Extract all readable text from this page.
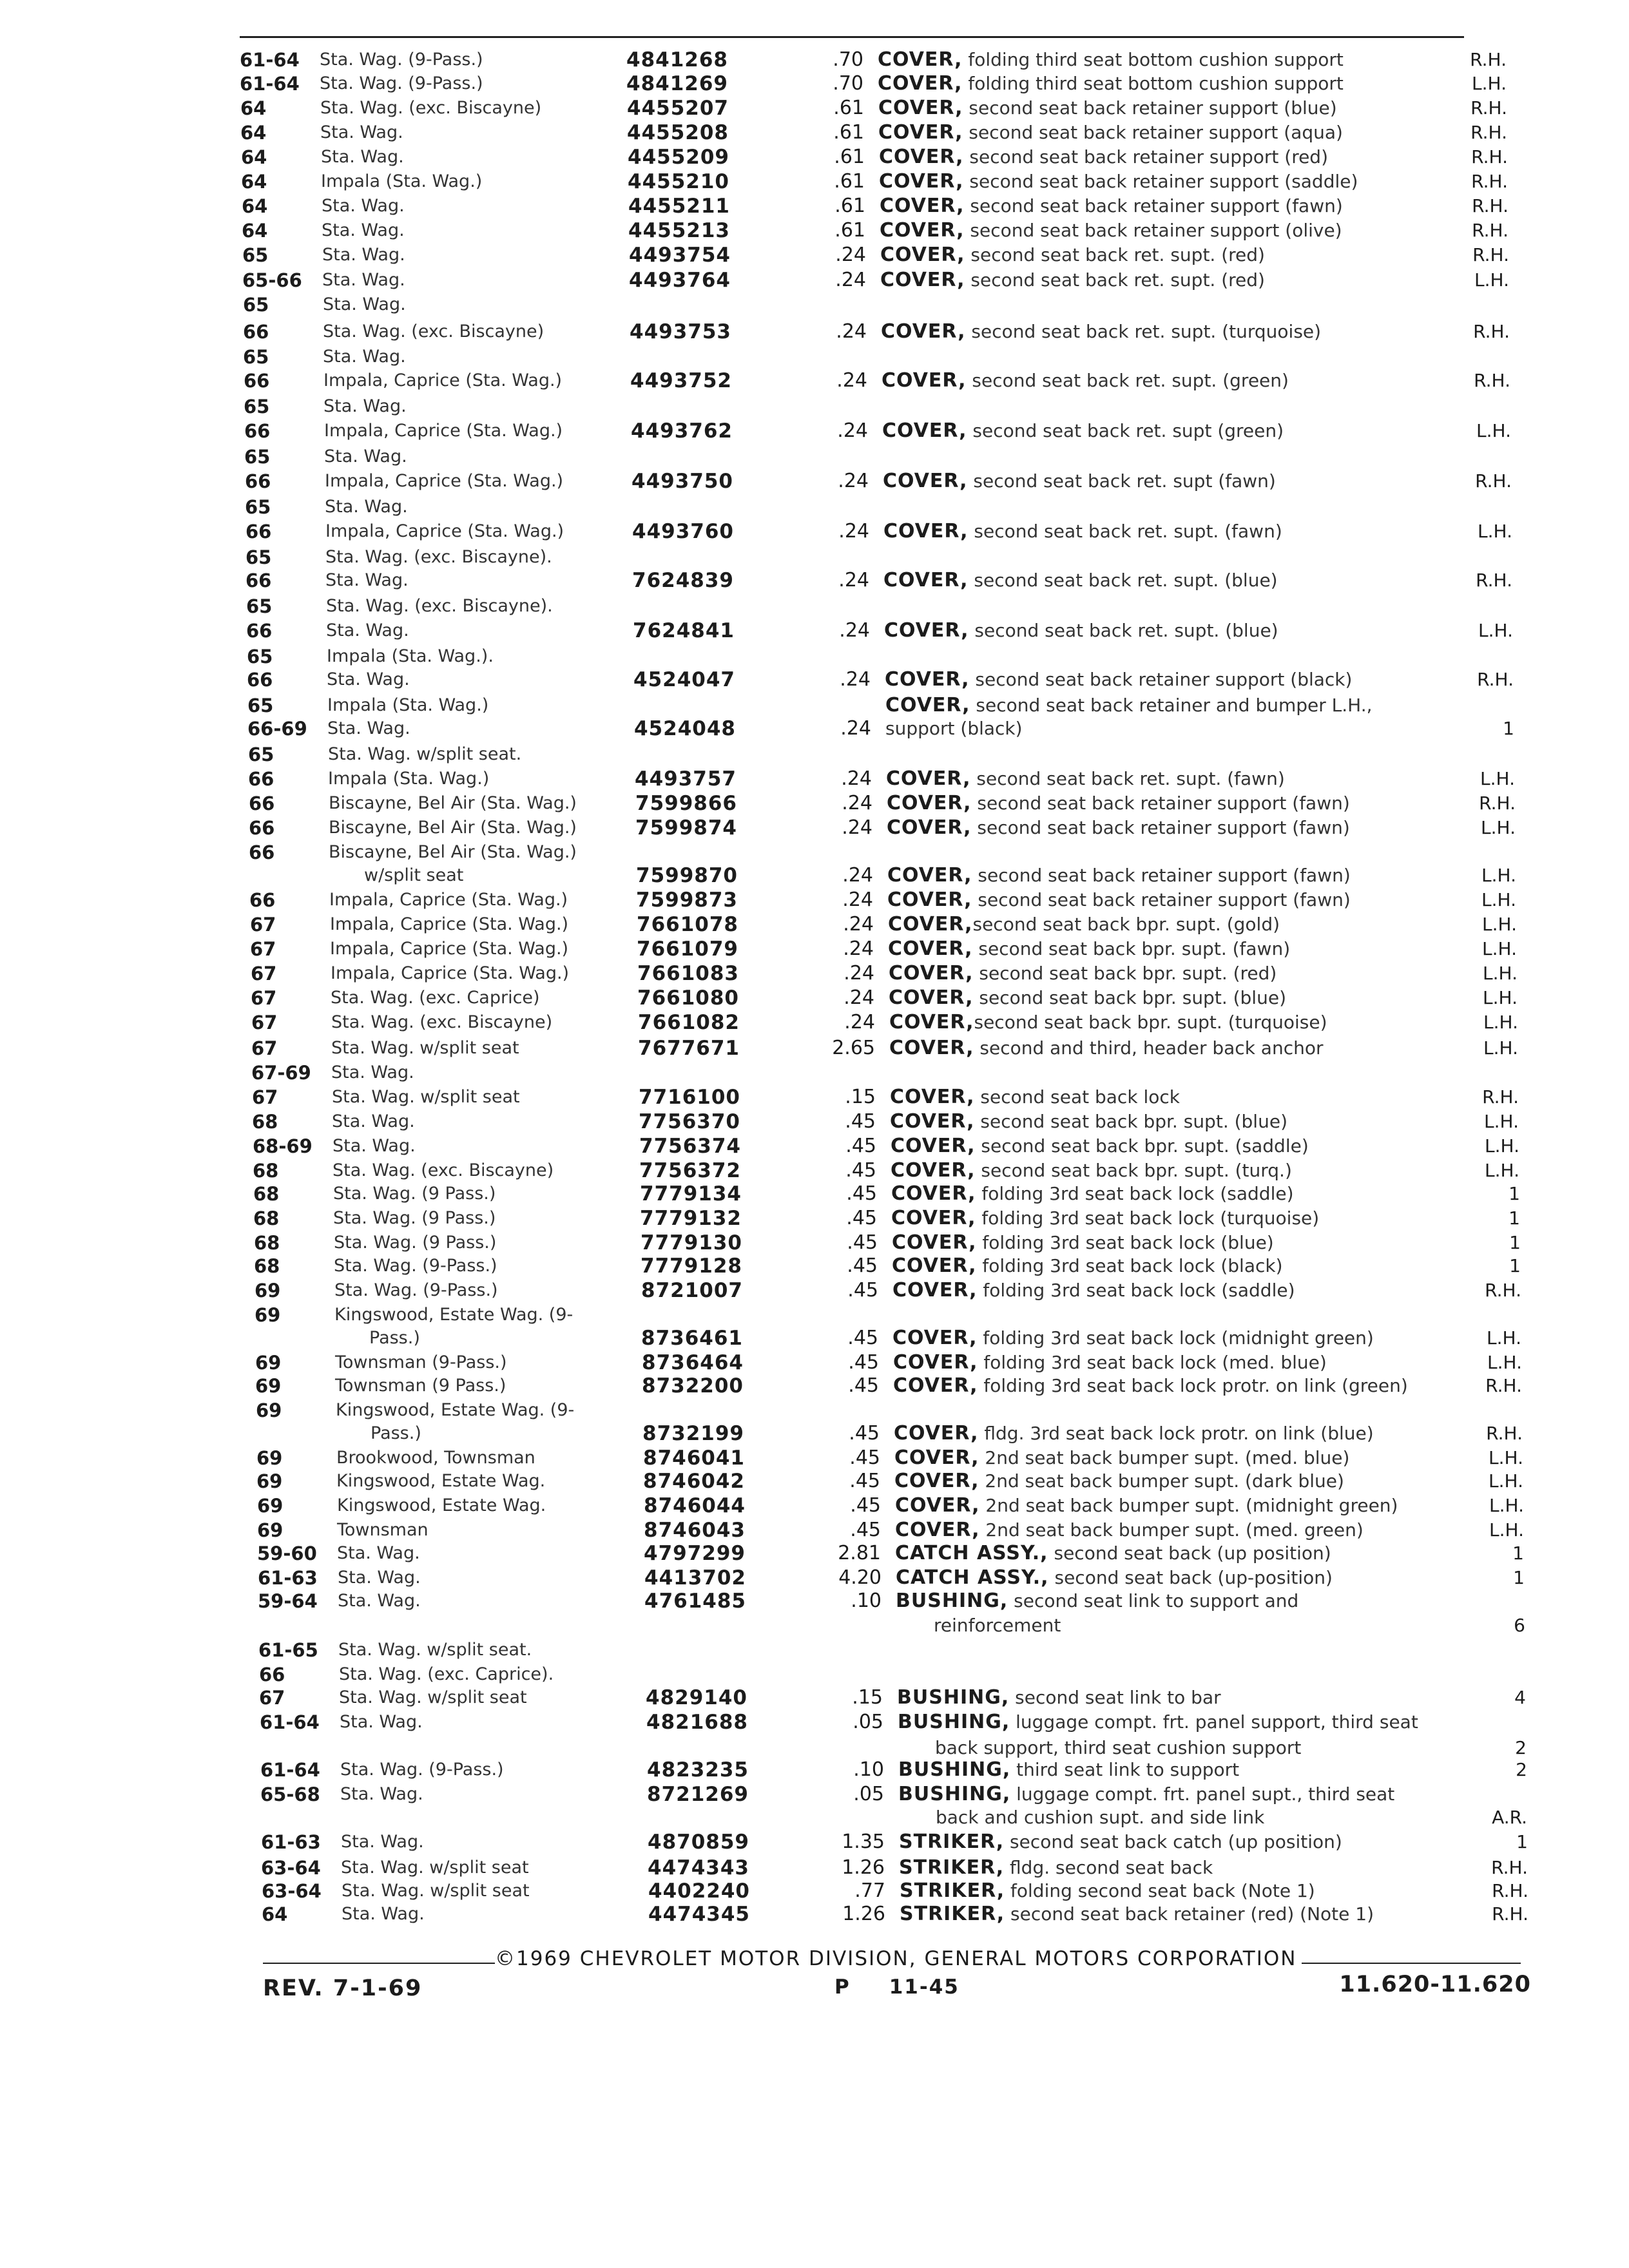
61-64 Sta. Wag. (9-Pass.)	4841268	.70 COVER, folding third seat bottom cushion support	R.H.
61-64 Sta. Wag. (9-Pass.)	4841269	.70 COVER, folding third seat bottom cushion support	L.H.
64	Sta. Wag. (exc. Biscayne)	4455207	.61 COVER, second seat back retainer support (blue)	R.H.
64	Sta. Wag.	4455208	.61 COVER, second seat back retainer support (aqua)	R.H.
64	Sta. Wag.	4455209	.61 COVER, second seat back retainer support (red)	R.H.
64	Impala (Sta. Wag.)	4455210	.61 COVER, second seat back retainer support (saddle)	R.H.
64	Sta. Wag.	4455211	.61 COVER, second seat back retainer support (fawn)	R.H.
64	Sta. Wag.	4455213	.61 COVER, second seat back retainer support (olive)	R.H.
65	Sta. Wag.	4493754	.24 COVER, second seat back ret. supt. (red)	R.H.
65-66 Sta. Wag.	4493764	.24 COVER, second seat back ret. supt. (red)	L.H.
65	Sta. Wag.
66	Sta. Wag. (exc. Biscayne)	4493753	.24 COVER, second seat back ret. supt. (turquoise)	R.H.
65	Sta. Wag.
66	Impala, Caprice (Sta. Wag.)	4493752	.24 COVER, second seat back ret. supt. (green)	R.H.
65	Sta. Wag.
66	Impala, Caprice (Sta. Wag.)	4493762	.24 COVER, second seat back ret. supt (green)	L.H.
65	Sta. Wag.
66	Impala, Caprice (Sta. Wag.)	4493750	.24 COVER, second seat back ret. supt (fawn)	R.H.
65	Sta. Wag.
66	Impala, Caprice (Sta. Wag.)	4493760	.24 COVER, second seat back ret. supt. (fawn)	L.H.
65	Sta. Wag. (exc. Biscayne).
66	Sta. Wag.	7624839	.24 COVER, second seat back ret. supt. (blue)	R.H.
65	Sta. Wag. (exc. Biscayne).
66	Sta. Wag.	7624841	.24 COVER, second seat back ret. supt. (blue)	L.H.
65	Impala (Sta. Wag.).
66	Sta. Wag.	4524047	.24 COVER, second seat back retainer support (black)	R.H.
65	Impala (Sta. Wag.)	COVER, second seat back retainer and bumper L.H.,
66-69 Sta. Wag.	4524048	.24 support (black)	1
65	Sta. Wag. w/split seat.
66	Impala (Sta. Wag.)	4493757	.24 COVER, second seat back ret. supt. (fawn)	L.H.
66	Biscayne, Bel Air (Sta. Wag.)	7599866	.24 COVER, second seat back retainer support (fawn)	R.H.
66	Biscayne, Bel Air (Sta. Wag.)	7599874	.24 COVER, second seat back retainer support (fawn)	L.H.
66	Biscayne, Bel Air (Sta. Wag.)
w/split seat	7599870	.24 COVER, second seat back retainer support (fawn)	L.H.
66	Impala, Caprice (Sta. Wag.)	7599873	.24 COVER, second seat back retainer support (fawn)	L.H.
67	Impala, Caprice (Sta. Wag.)	7661078	.24 COVER,second seat back bpr. supt. (gold)	L.H.
67	Impala, Caprice (Sta. Wag.)	7661079	.24 COVER, second seat back bpr. supt. (fawn)	L.H.
67	Impala, Caprice (Sta. Wag.)	7661083	.24 COVER, second seat back bpr. supt. (red)	L.H.
67	Sta. Wag. (exc. Caprice)	7661080	.24 COVER, second seat back bpr. supt. (blue)	L.H.
67	Sta. Wag. (exc. Biscayne)	7661082	.24 COVER,second seat back bpr. supt. (turquoise)	L.H.
67	Sta. Wag. w/split seat	7677671	2.65 COVER, second and third, header back anchor	L.H.
67-69 Sta. Wag.
67	Sta. Wag. w/split seat	7716100	.15 COVER, second seat back lock	R.H.
68	Sta. Wag.	7756370	.45 COVER, second seat back bpr. supt. (blue)	L.H.
68-69 Sta. Wag.	7756374	.45 COVER, second seat back bpr. supt. (saddle)	L.H.
68	Sta. Wag. (exc. Biscayne)	7756372	.45 COVER, second seat back bpr. supt. (turq.)	L.H.
68	Sta. Wag. (9 Pass.)	7779134	.45 COVER, folding 3rd seat back lock (saddle)	1
68	Sta. Wag. (9 Pass.)	7779132	.45 COVER, folding 3rd seat back lock (turquoise)	1
68	Sta. Wag. (9 Pass.)	7779130	.45 COVER, folding 3rd seat back lock (blue)	1
68	Sta. Wag. (9-Pass.)	7779128	.45 COVER, folding 3rd seat back lock (black)	1
69	Sta. Wag. (9-Pass.)	8721007	.45 COVER, folding 3rd seat back lock (saddle)	R.H.
69	Kingswood, Estate Wag. (9-
Pass.)	8736461	.45 COVER, folding 3rd seat back lock (midnight green)	L.H.
69	Townsman (9-Pass.)	8736464	.45 COVER, folding 3rd seat back lock (med. blue)	L.H.
69	Townsman (9 Pass.)	8732200	.45 COVER, folding 3rd seat back lock protr. on link (green)	R.H.
69	Kingswood, Estate Wag. (9-
Pass.)	8732199	.45 COVER, fldg. 3rd seat back lock protr. on link (blue)	R.H.
69	Brookwood, Townsman	8746041	.45 COVER, 2nd seat back bumper supt. (med. blue)	L.H.
69	Kingswood, Estate Wag.	8746042	.45 COVER, 2nd seat back bumper supt. (dark blue)	L.H.
69	Kingswood, Estate Wag.	8746044	.45 COVER, 2nd seat back bumper supt. (midnight green)	L.H.
69	Townsman	8746043	.45 COVER, 2nd seat back bumper supt. (med. green)	L.H.
59-60 Sta. Wag.	4797299	2.81 CATCH ASSY., second seat back (up position)	1
61-63 Sta. Wag.	4413702	4.20 CATCH ASSY., second seat back (up-position)	1
59-64 Sta. Wag.	4761485	.10 BUSHING, second seat link to support and
reinforcement	6
61-65 Sta. Wag. w/split seat.
66	Sta. Wag. (exc. Caprice).
67	Sta. Wag. w/split seat	4829140	.15 BUSHING, second seat link to bar	4
61-64 Sta. Wag.	4821688	.05 BUSHING, luggage compt. frt. panel support, third seat
back support, third seat cushion support	2
61-64 Sta. Wag. (9-Pass.)	4823235	.10 BUSHING, third seat link to support	2
65-68 Sta. Wag.	8721269	.05 BUSHING, luggage compt. frt. panel supt., third seat
back and cushion supt. and side link	A.R.
61-63 Sta. Wag.	4870859	1.35 STRIKER, second seat back catch (up position)	1
63-64 Sta. Wag. w/split seat	4474343	1.26 STRIKER, fldg. second seat back	R.H.
63-64 Sta. Wag. w/split seat	4402240	.77 STRIKER, folding second seat back (Note 1)	R.H.
64	Sta. Wag.	4474345	1.26 STRIKER, second seat back retainer (red) (Note 1)	R.H.
©1969 CHEVROLET MOTOR DIVISION, GENERAL MOTORS CORPORATION
REV. 7-1-69	P 11-45	11.620-11.620
